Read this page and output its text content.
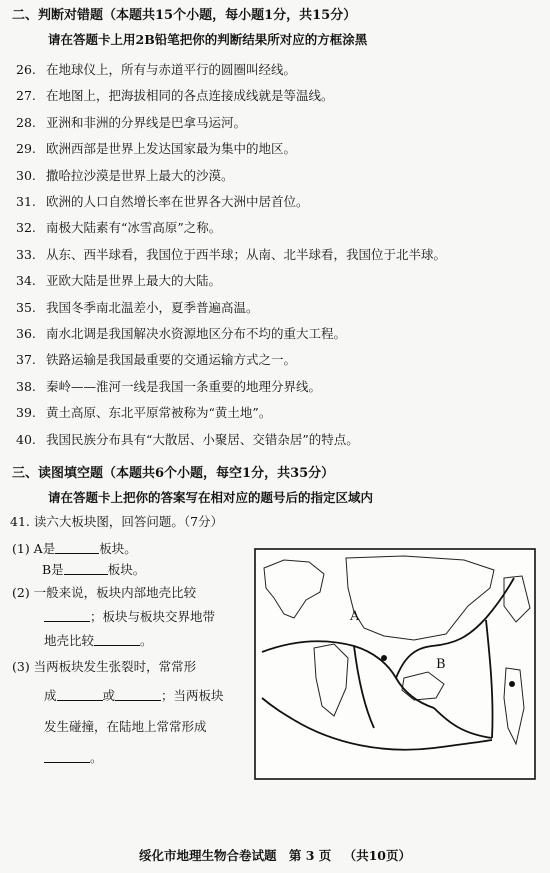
二、判断对错题（本题共15个小题，每小题1分，共15分）
请在答题卡上用2B铅笔把你的判断结果所对应的方框涂黑
26. 在地球仪上，所有与赤道平行的圆圈叫经线。
27. 在地图上，把海拔相同的各点连接成线就是等温线。
28. 亚洲和非洲的分界线是巴拿马运河。
29. 欧洲西部是世界上发达国家最为集中的地区。
30. 撒哈拉沙漠是世界上最大的沙漠。
31. 欧洲的人口自然增长率在世界各大洲中居首位。
32. 南极大陆素有“冰雪高原”之称。
33. 从东、西半球看，我国位于西半球；从南、北半球看，我国位于北半球。
34. 亚欧大陆是世界上最大的大陆。
35. 我国冬季南北温差小，夏季普遍高温。
36. 南水北调是我国解决水资源地区分布不均的重大工程。
37. 铁路运输是我国最重要的交通运输方式之一。
38. 秦岭——淮河一线是我国一条重要的地理分界线。
39. 黄土高原、东北平原常被称为“黄土地”。
40. 我国民族分布具有“大散居、小聚居、交错杂居”的特点。
三、读图填空题（本题共6个小题，每空1分，共35分）
请在答题卡上把你的答案写在相对应的题号后的指定区域内
41. 读六大板块图，回答问题。（7分）
(1) A是	板块。
B是	板块。
(2) 一般来说，板块内部地壳比较
；板块与板块交界地带
地壳比较	。
(3) 当两板块发生张裂时，常常形
成	或	；当两板块
发生碰撞，在陆地上常常形成
。
A
B
绥化市地理生物合卷试题 第 3 页 （共10页）
